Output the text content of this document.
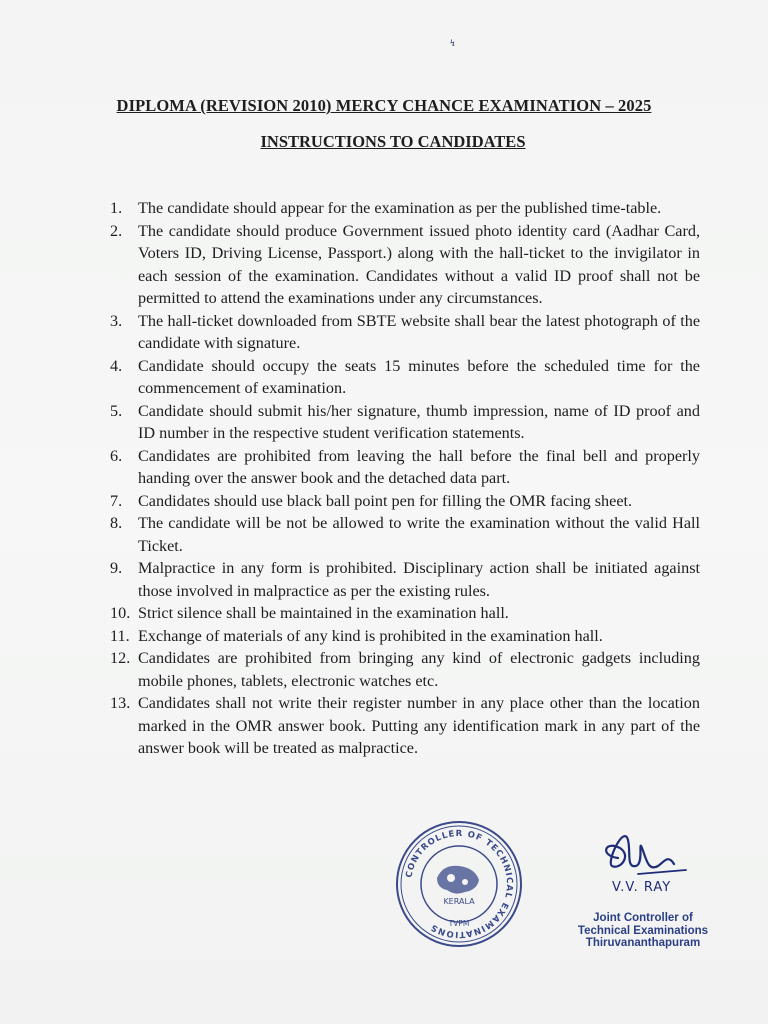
↯
DIPLOMA (REVISION 2010) MERCY CHANCE EXAMINATION – 2025
INSTRUCTIONS TO CANDIDATES
1. The candidate should appear for the examination as per the published time-table.
2. The candidate should produce Government issued photo identity card (Aadhar Card, Voters ID, Driving License, Passport.) along with the hall-ticket to the invigilator in each session of the examination. Candidates without a valid ID proof shall not be permitted to attend the examinations under any circumstances.
3. The hall-ticket downloaded from SBTE website shall bear the latest photograph of the candidate with signature.
4. Candidate should occupy the seats 15 minutes before the scheduled time for the commencement of examination.
5. Candidate should submit his/her signature, thumb impression, name of ID proof and ID number in the respective student verification statements.
6. Candidates are prohibited from leaving the hall before the final bell and properly handing over the answer book and the detached data part.
7. Candidates should use black ball point pen for filling the OMR facing sheet.
8. The candidate will be not be allowed to write the examination without the valid Hall Ticket.
9. Malpractice in any form is prohibited. Disciplinary action shall be initiated against those involved in malpractice as per the existing rules.
10. Strict silence shall be maintained in the examination hall.
11. Exchange of materials of any kind is prohibited in the examination hall.
12. Candidates are prohibited from bringing any kind of electronic gadgets including mobile phones, tablets, electronic watches etc.
13. Candidates shall not write their register number in any place other than the location marked in the OMR answer book. Putting any identification mark in any part of the answer book will be treated as malpractice.
CONTROLLER OF TECHNICAL EXAMINATIONS
KERALA
TVPM
V.V. RAY
Joint Controller of
Technical Examinations
Thiruvananthapuram
